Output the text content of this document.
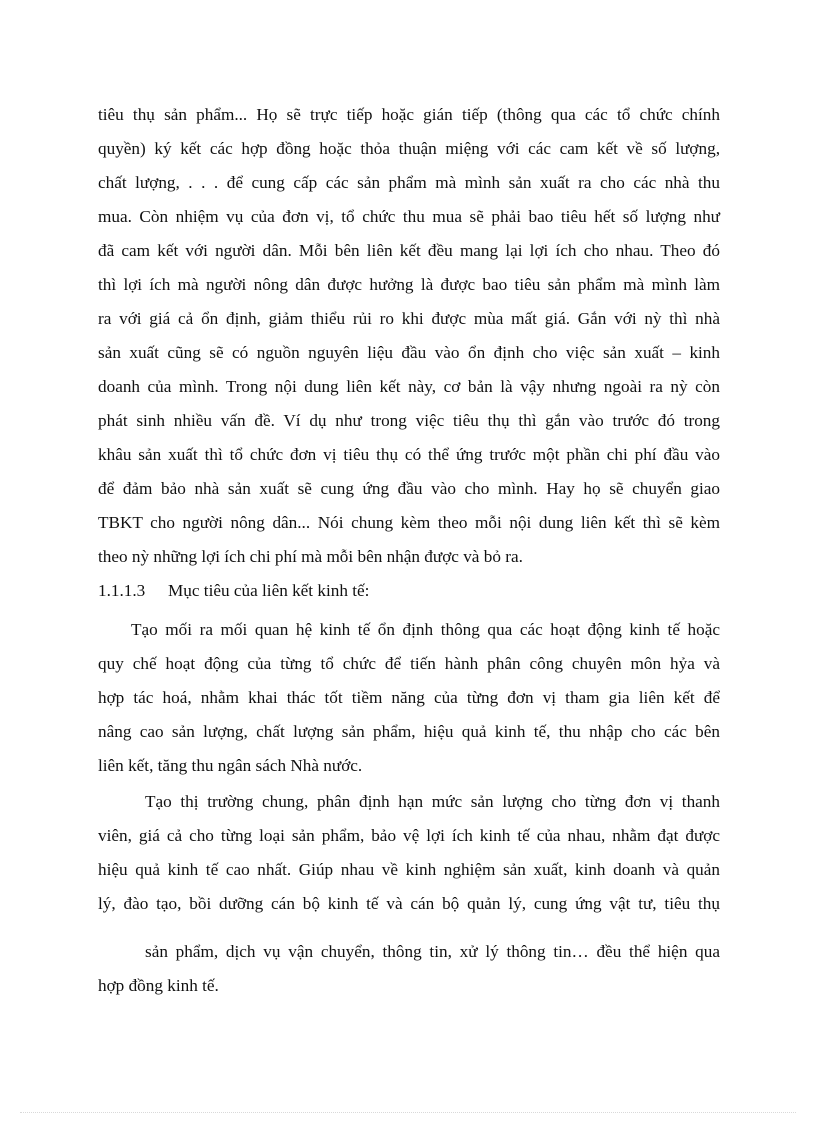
tiêu thụ sản phẩm... Họ sẽ trực tiếp hoặc gián tiếp (thông qua các tổ chức chính
quyền) ký kết các hợp đồng hoặc thỏa thuận miệng với các cam kết về số lượng,
chất lượng, . . . để cung cấp các sản phẩm mà mình sản xuất ra cho các nhà thu
mua. Còn nhiệm vụ của đơn vị, tổ chức thu mua sẽ phải bao tiêu hết số lượng như
đã cam kết với người dân. Mỗi bên liên kết đều mang lại lợi ích cho nhau. Theo đó
thì lợi ích mà người nông dân được hưởng là được bao tiêu sản phẩm mà mình làm
ra với giá cả ổn định, giảm thiểu rủi ro khi được mùa mất giá. Gắn với nỳ thì nhà
sản xuất cũng sẽ có nguồn nguyên liệu đầu vào ổn định cho việc sản xuất – kinh
doanh của mình. Trong nội dung liên kết này, cơ bản là vậy nhưng ngoài ra nỳ còn
phát sinh nhiều vấn đề. Ví dụ như trong việc tiêu thụ thì gắn vào trước đó trong
khâu sản xuất thì tổ chức đơn vị tiêu thụ có thể ứng trước một phần chi phí đầu vào
để đảm bảo nhà sản xuất sẽ cung ứng đầu vào cho mình. Hay họ sẽ chuyển giao
TBKT cho người nông dân... Nói chung kèm theo mỗi nội dung liên kết thì sẽ kèm
theo nỳ những lợi ích chi phí mà mỗi bên nhận được và bỏ ra.
1.1.1.3 Mục tiêu của liên kết kinh tế:
Tạo mối ra mối quan hệ kinh tế ổn định thông qua các hoạt động kinh tế hoặc
quy chế hoạt động của từng tổ chức để tiến hành phân công chuyên môn hỷa và
hợp tác hoá, nhằm khai thác tốt tiềm năng của từng đơn vị tham gia liên kết để
nâng cao sản lượng, chất lượng sản phẩm, hiệu quả kinh tế, thu nhập cho các bên
liên kết, tăng thu ngân sách Nhà nước.
Tạo thị trường chung, phân định hạn mức sản lượng cho từng đơn vị thanh
viên, giá cả cho từng loại sản phẩm, bảo vệ lợi ích kinh tế của nhau, nhằm đạt được
hiệu quả kinh tế cao nhất. Giúp nhau về kinh nghiệm sản xuất, kinh doanh và quản
lý, đào tạo, bồi dưỡng cán bộ kinh tế và cán bộ quản lý, cung ứng vật tư, tiêu thụ
sản phẩm, dịch vụ vận chuyển, thông tin, xử lý thông tin… đều thể hiện qua
hợp đồng kinh tế.
